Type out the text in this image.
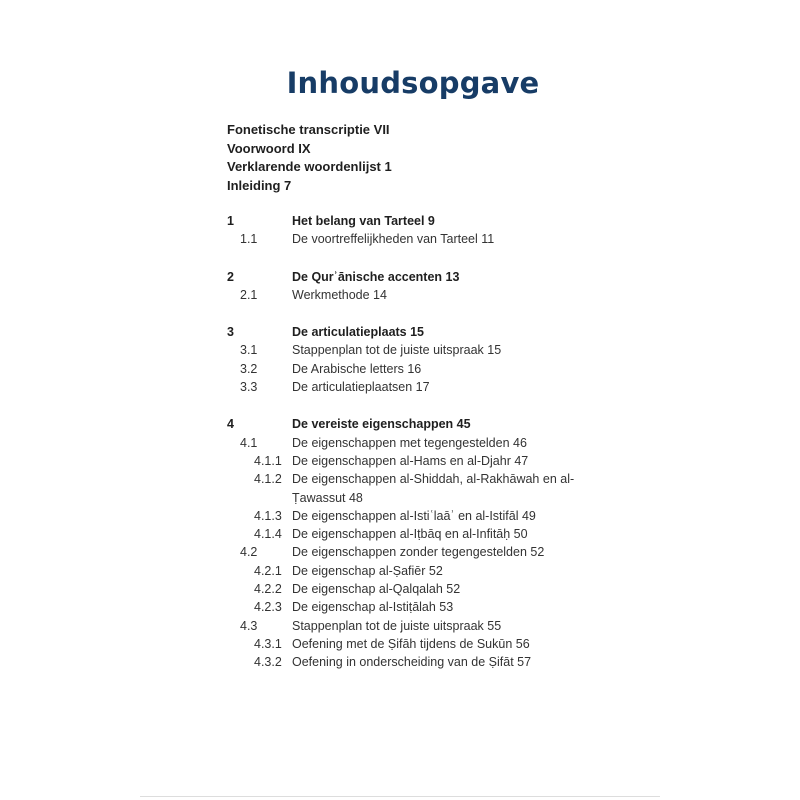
Inhoudsopgave
Fonetische transcriptie VII
Voorwoord IX
Verklarende woordenlijst 1
Inleiding 7
1	Het belang van Tarteel 9
1.1	De voortreffelijkheden van Tarteel 11
2	De Qurʾānische accenten 13
2.1	Werkmethode 14
3	De articulatieplaats 15
3.1	Stappenplan tot de juiste uitspraak 15
3.2	De Arabische letters 16
3.3	De articulatieplaatsen 17
4	De vereiste eigenschappen 45
4.1	De eigenschappen met tegengestelden 46
4.1.1 De eigenschappen al-Hams en al-Djahr 47
4.1.2 De eigenschappen al-Shiddah, al-Rakhāwah en al-
Ṭawassut 48
4.1.3 De eigenschappen al-Istiʿlaāʾ en al-Istifāl 49
4.1.4 De eigenschappen al-Iṭbāq en al-Infitāḥ 50
4.2	De eigenschappen zonder tegengestelden 52
4.2.1 De eigenschap al-Ṣafiēr 52
4.2.2 De eigenschap al-Qalqalah 52
4.2.3 De eigenschap al-Istiṭālah 53
4.3	Stappenplan tot de juiste uitspraak 55
4.3.1 Oefening met de Ṣifāh tijdens de Sukūn 56
4.3.2 Oefening in onderscheiding van de Ṣifāt 57
